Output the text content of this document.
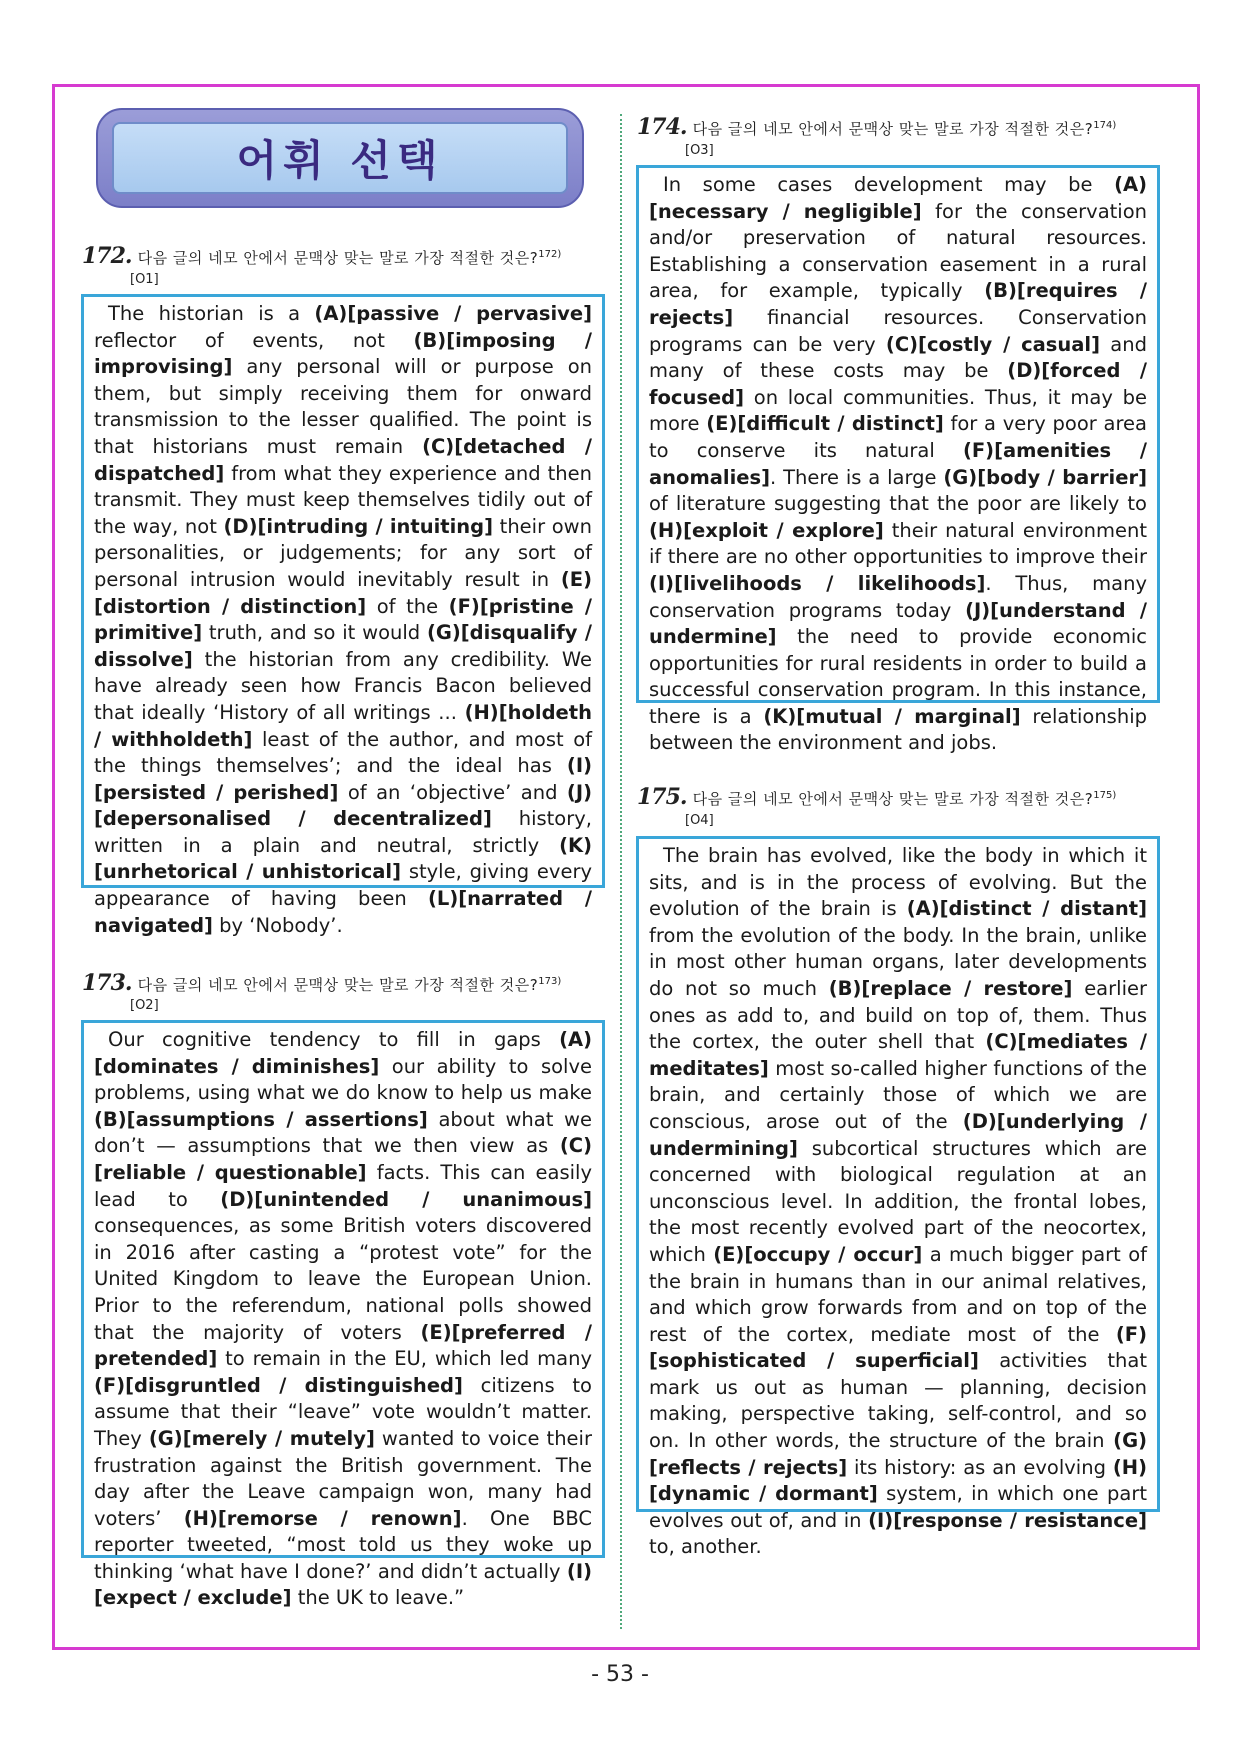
어휘 선택
172. 다음 글의 네모 안에서 문맥상 맞는 말로 가장 적절한 것은?$^{172)}$
[O1]
The historian is a (A)[passive / pervasive] reflector of events, not (B)[imposing / improvising] any personal will or purpose on them, but simply receiving them for onward transmission to the lesser qualified. The point is that historians must remain (C)[detached / dispatched] from what they experience and then transmit. They must keep themselves tidily out of the way, not (D)[intruding / intuiting] their own personalities, or judgements; for any sort of personal intrusion would inevitably result in (E)[distortion / distinction] of the (F)[pristine / primitive] truth, and so it would (G)[disqualify / dissolve] the historian from any credibility. We have already seen how Francis Bacon believed that ideally ‘History of all writings ... (H)[holdeth / withholdeth] least of the author, and most of the things themselves’; and the ideal has (I)[persisted / perished] of an ‘objective’ and (J)[depersonalised / decentralized] history, written in a plain and neutral, strictly (K)[unrhetorical / unhistorical] style, giving every appearance of having been (L)[narrated / navigated] by ‘Nobody’.
173. 다음 글의 네모 안에서 문맥상 맞는 말로 가장 적절한 것은?$^{173)}$
[O2]
Our cognitive tendency to fill in gaps (A)[dominates / diminishes] our ability to solve problems, using what we do know to help us make (B)[assumptions / assertions] about what we don’t — assumptions that we then view as (C)[reliable / questionable] facts. This can easily lead to (D)[unintended / unanimous] consequences, as some British voters discovered in 2016 after casting a “protest vote” for the United Kingdom to leave the European Union. Prior to the referendum, national polls showed that the majority of voters (E)[preferred / pretended] to remain in the EU, which led many (F)[disgruntled / distinguished] citizens to assume that their “leave” vote wouldn’t matter. They (G)[merely / mutely] wanted to voice their frustration against the British government. The day after the Leave campaign won, many had voters’ (H)[remorse / renown]. One BBC reporter tweeted, “most told us they woke up thinking ‘what have I done?’ and didn’t actually (I)[expect / exclude] the UK to leave.”
174. 다음 글의 네모 안에서 문맥상 맞는 말로 가장 적절한 것은?$^{174)}$
[O3]
In some cases development may be (A)[necessary / negligible] for the conservation and/or preservation of natural resources. Establishing a conservation easement in a rural area, for example, typically (B)[requires / rejects] financial resources. Conservation programs can be very (C)[costly / casual] and many of these costs may be (D)[forced / focused] on local communities. Thus, it may be more (E)[difficult / distinct] for a very poor area to conserve its natural (F)[amenities / anomalies]. There is a large (G)[body / barrier] of literature suggesting that the poor are likely to (H)[exploit / explore] their natural environment if there are no other opportunities to improve their (I)[livelihoods / likelihoods]. Thus, many conservation programs today (J)[understand / undermine] the need to provide economic opportunities for rural residents in order to build a successful conservation program. In this instance, there is a (K)[mutual / marginal] relationship between the environment and jobs.
175. 다음 글의 네모 안에서 문맥상 맞는 말로 가장 적절한 것은?$^{175)}$
[O4]
The brain has evolved, like the body in which it sits, and is in the process of evolving. But the evolution of the brain is (A)[distinct / distant] from the evolution of the body. In the brain, unlike in most other human organs, later developments do not so much (B)[replace / restore] earlier ones as add to, and build on top of, them. Thus the cortex, the outer shell that (C)[mediates / meditates] most so-called higher functions of the brain, and certainly those of which we are conscious, arose out of the (D)[underlying / undermining] subcortical structures which are concerned with biological regulation at an unconscious level. In addition, the frontal lobes, the most recently evolved part of the neocortex, which (E)[occupy / occur] a much bigger part of the brain in humans than in our animal relatives, and which grow forwards from and on top of the rest of the cortex, mediate most of the (F)[sophisticated / superficial] activities that mark us out as human — planning, decision making, perspective taking, self-control, and so on. In other words, the structure of the brain (G)[reflects / rejects] its history: as an evolving (H)[dynamic / dormant] system, in which one part evolves out of, and in (I)[response / resistance] to, another.
- 53 -
